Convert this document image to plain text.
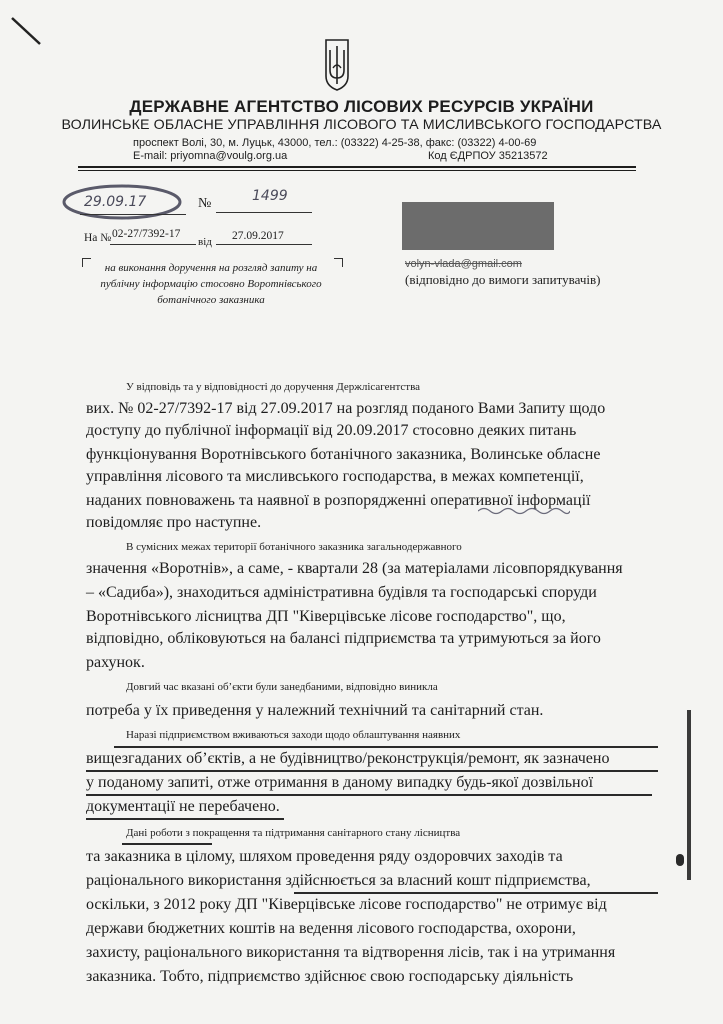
ДЕРЖАВНЕ АГЕНТСТВО ЛІСОВИХ РЕСУРСІВ УКРАЇНИ
ВОЛИНСЬКЕ ОБЛАСНЕ УПРАВЛІННЯ ЛІСОВОГО ТА МИСЛИВСЬКОГО ГОСПОДАРСТВА
проспект Волі, 30, м. Луцьк, 43000, тел.: (03322) 4-25-38, факс: (03322) 4-00-69
E-mail: priyomna@voulg.org.ua	Код ЄДРПОУ 35213572
29.09.17	№	1499
На № 02-27/7392-17
від 27.09.2017
на виконання доручення на розгляд запиту на публічну інформацію стосовно Воротнівського ботанічного заказника
volyn-vlada@gmail.com
(відповідно до вимоги запитувачів)
У відповідь та у відповідності до доручення Держлісагентства
вих. № 02-27/7392-17 від 27.09.2017 на розгляд поданого Вами Запиту щодо
доступу до публічної інформації від 20.09.2017 стосовно деяких питань
функціонування Воротнівського ботанічного заказника, Волинське обласне
управління лісового та мисливського господарства, в межах компетенції,
наданих повноважень та наявної в розпорядженні оперативної інформації
повідомляє про наступне.
В сумісних межах території ботанічного заказника загальнодержавного
значення «Воротнів», а саме, - квартали 28 (за матеріалами лісовпорядкування
– «Садиба»), знаходиться адміністративна будівля та господарські споруди
Воротнівського лісництва ДП "Ківерцівське лісове господарство", що,
відповідно, обліковуються на балансі підприємства та утримуються за його
рахунок.
Довгий час вказані об’єкти були занедбаними, відповідно виникла
потреба у їх приведення у належний технічний та санітарний стан.
Наразі підприємством вживаються заходи щодо облаштування наявних
вищезгаданих об’єктів, а не будівництво/реконструкція/ремонт, як зазначено
у поданому запиті, отже отримання в даному випадку будь-якої дозвільної
документації не перебачено.
Дані роботи з покращення та підтримання санітарного стану лісництва
та заказника в цілому, шляхом проведення ряду оздоровчих заходів та
раціонального використання здійснюється за власний кошт підприємства,
оскільки, з 2012 року ДП "Ківерцівське лісове господарство" не отримує від
держави бюджетних коштів на ведення лісового господарства, охорони,
захисту, раціонального використання та відтворення лісів, так і на утримання
заказника. Тобто, підприємство здійснює свою господарську діяльність
